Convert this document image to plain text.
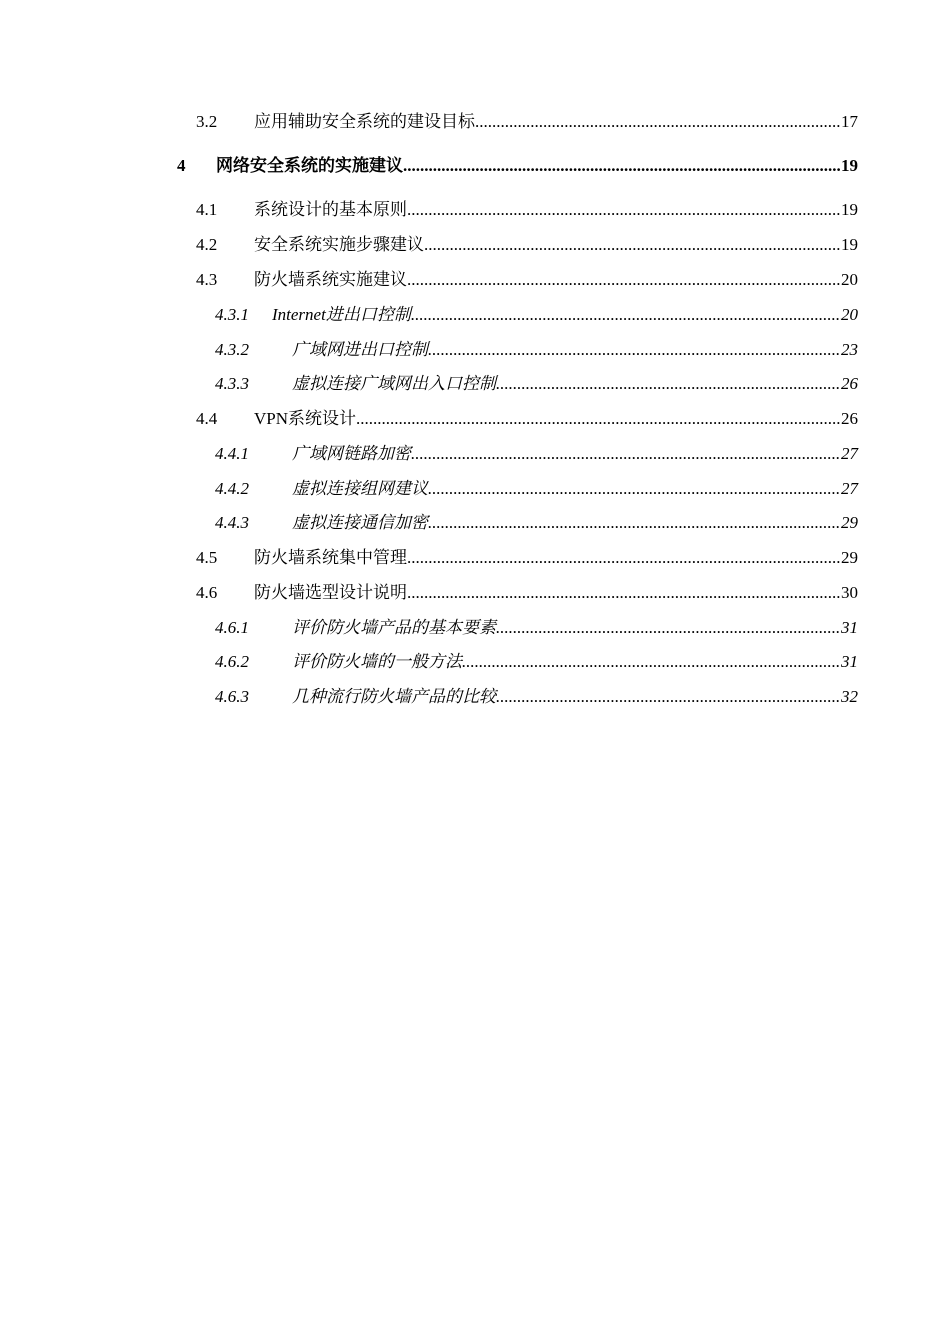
3.2	应用辅助安全系统的建设目标 .....	17
4	网络安全系统的实施建议 .....	19
4.1	系统设计的基本原则 .....	19
4.2	安全系统实施步骤建议 .....	19
4.3	防火墙系统实施建议 .....	20
4.3.1	Internet进出口控制 .....	20
4.3.2	广域网进出口控制 .....	23
4.3.3	虚拟连接广域网出入口控制 .....	26
4.4	VPN系统设计 .....	26
4.4.1	广域网链路加密 .....	27
4.4.2	虚拟连接组网建议 .....	27
4.4.3	虚拟连接通信加密 .....	29
4.5	防火墙系统集中管理 .....	29
4.6	防火墙选型设计说明 .....	30
4.6.1	评价防火墙产品的基本要素 .....	31
4.6.2	评价防火墙的一般方法 .....	31
4.6.3	几种流行防火墙产品的比较 .....	32
